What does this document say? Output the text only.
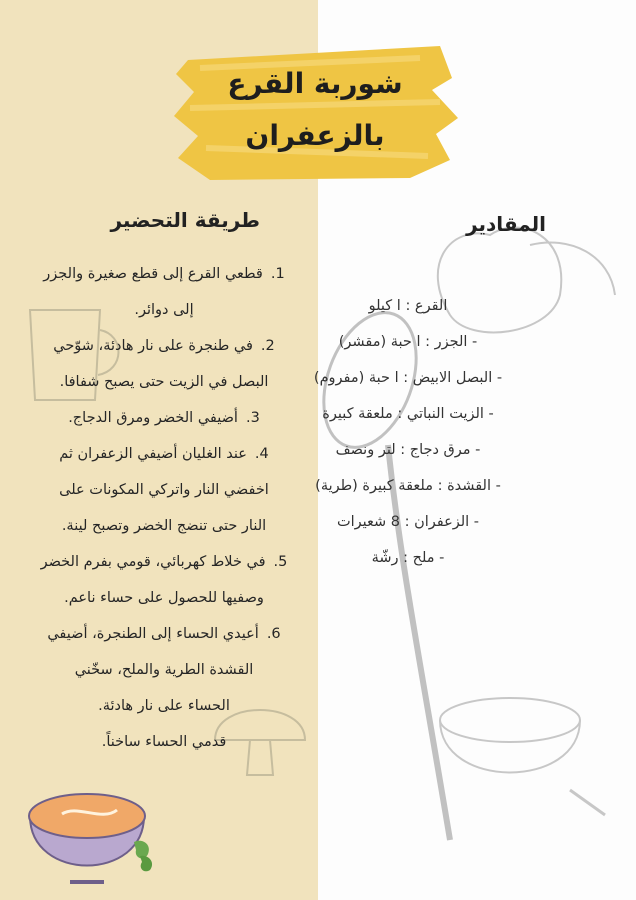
شوربة القرع
بالزعفران
طريقة التحضير	المقادير
1.قطعي القرع إلى قطع صغيرة والجزر
إلى دوائر.
2.في طنجرة على نار هادئة، شوّحي
البصل في الزيت حتى يصبح شفافا.
3.أضيفي الخضر ومرق الدجاج.
4.عند الغليان أضيفي الزعفران ثم
اخفضي النار واتركي المكونات على
النار حتى تنضج الخضر وتصبح لينة.
5.في خلاط كهربائي، قومي بفرم الخضر
وصفيها للحصول على حساء ناعم.
6.أعيدي الحساء إلى الطنجرة، أضيفي
القشدة الطرية والملح، سخّني
الحساء على نار هادئة.
قدمي الحساء ساخناً.
القرع : ا كيلو
- الجزر : ا حبة (مقشر)
- البصل الابيض : ا حبة (مفروم)
- الزيت النباتي : ملعقة كبيرة
- مرق دجاج : لتر ونصف
- القشدة : ملعقة كبيرة (طرية)
- الزعفران : 8 شعيرات
- ملح : رشّة
